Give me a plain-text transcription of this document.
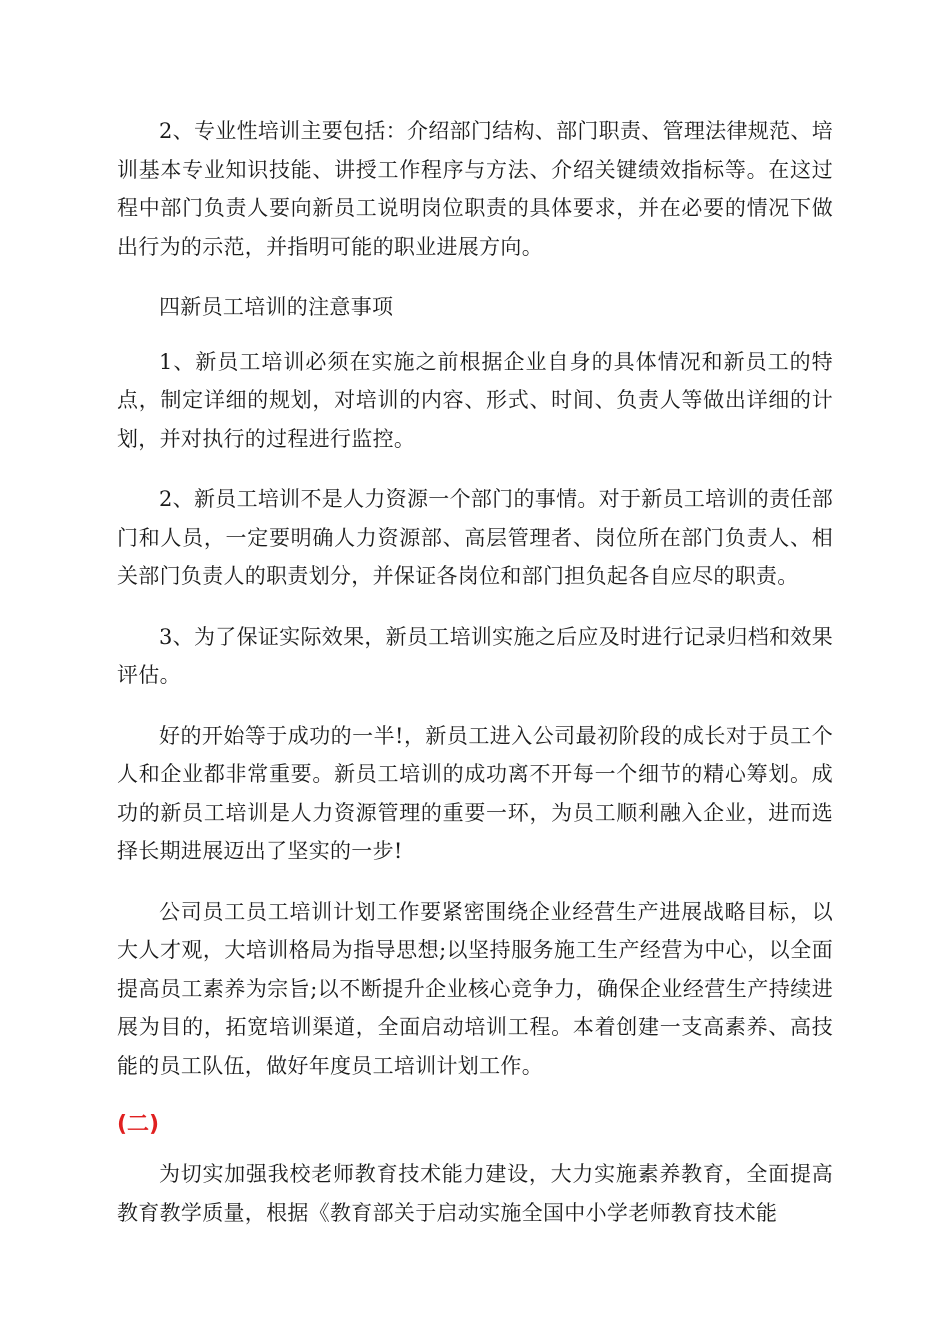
2、专业性培训主要包括：介绍部门结构、部门职责、管理法律规范、培训基本专业知识技能、讲授工作程序与方法、介绍关键绩效指标等。在这过程中部门负责人要向新员工说明岗位职责的具体要求，并在必要的情况下做出行为的示范，并指明可能的职业进展方向。

四新员工培训的注意事项

1、新员工培训必须在实施之前根据企业自身的具体情况和新员工的特点，制定详细的规划，对培训的内容、形式、时间、负责人等做出详细的计划，并对执行的过程进行监控。

2、新员工培训不是人力资源一个部门的事情。对于新员工培训的责任部门和人员，一定要明确人力资源部、高层管理者、岗位所在部门负责人、相关部门负责人的职责划分，并保证各岗位和部门担负起各自应尽的职责。

3、为了保证实际效果，新员工培训实施之后应及时进行记录归档和效果评估。

好的开始等于成功的一半!，新员工进入公司最初阶段的成长对于员工个人和企业都非常重要。新员工培训的成功离不开每一个细节的精心筹划。成功的新员工培训是人力资源管理的重要一环，为员工顺利融入企业，进而选择长期进展迈出了坚实的一步!

公司员工员工培训计划工作要紧密围绕企业经营生产进展战略目标，以大人才观，大培训格局为指导思想;以坚持服务施工生产经营为中心，以全面提高员工素养为宗旨;以不断提升企业核心竞争力，确保企业经营生产持续进展为目的，拓宽培训渠道，全面启动培训工程。本着创建一支高素养、高技能的员工队伍，做好年度员工培训计划工作。

(二)

为切实加强我校老师教育技术能力建设，大力实施素养教育，全面提高教育教学质量，根据《教育部关于启动实施全国中小学老师教育技术能
